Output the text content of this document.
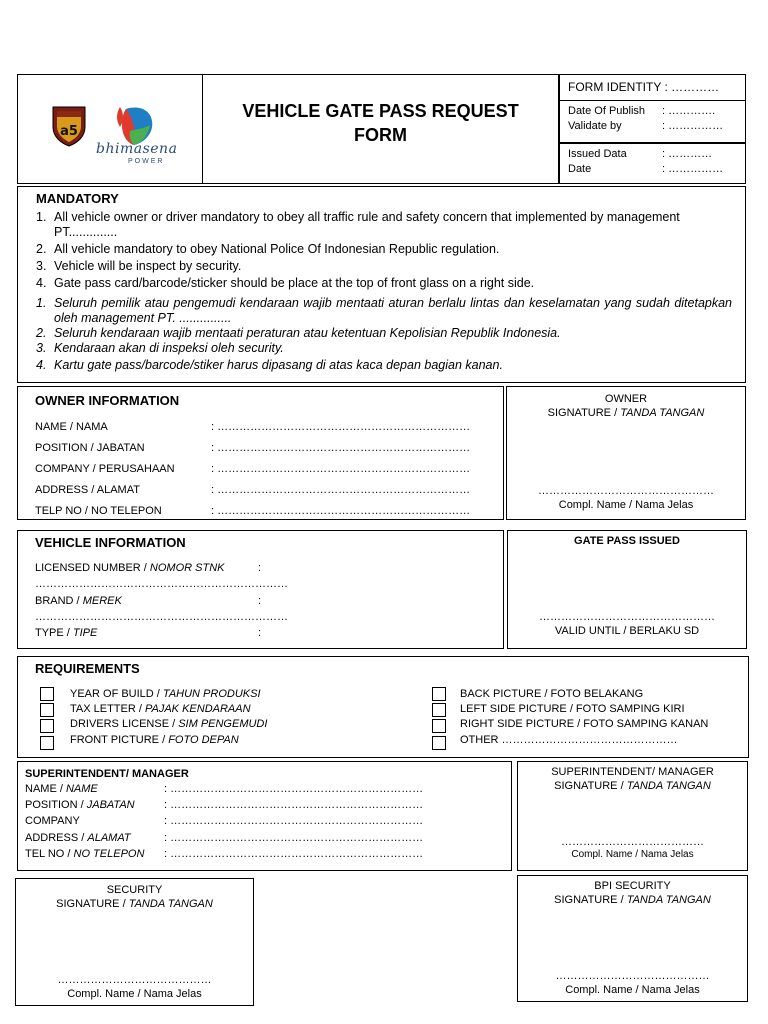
a5
bhimasena
POWER
VEHICLE GATE PASS REQUEST
FORM
FORM IDENTITY : …………
Date Of Publish : ………….
Validate by	: ……………
Issued Data	: …………
Date	: ……………
MANDATORY
1. All vehicle owner or driver mandatory to obey all traffic rule and safety concern that implemented by management PT..............
2. All vehicle mandatory to obey National Police Of Indonesian Republic regulation.
3. Vehicle will be inspect by security.
4. Gate pass card/barcode/sticker should be place at the top of front glass on a right side.
1. Seluruh pemilik atau pengemudi kendaraan wajib mentaati aturan berlalu lintas dan keselamatan yang sudah ditetapkan oleh management PT. ...............
2. Seluruh kendaraan wajib mentaati peraturan atau ketentuan Kepolisian Republik Indonesia.
3. Kendaraan akan di inspeksi oleh security.
4. Kartu gate pass/barcode/stiker harus dipasang di atas kaca depan bagian kanan.
OWNER INFORMATION
NAME / NAMA	: ……………………………………………………………
POSITION / JABATAN	: ……………………………………………………………
COMPANY / PERUSAHAAN	: ……………………………………………………………
ADDRESS / ALAMAT	: ……………………………………………………………
TELP NO / NO TELEPON	: ……………………………………………………………
OWNER
SIGNATURE / TANDA TANGAN
…………………………………………
Compl. Name / Nama Jelas
VEHICLE INFORMATION
LICENSED NUMBER / NOMOR STNK	:
……………………………………………………………
BRAND / MEREK	:
……………………………………………………………
TYPE / TIPE	:
GATE PASS ISSUED
…………………………………………
VALID UNTIL / BERLAKU SD
REQUIREMENTS
YEAR OF BUILD / TAHUN PRODUKSI
TAX LETTER / PAJAK KENDARAAN
DRIVERS LICENSE / SIM PENGEMUDI
FRONT PICTURE / FOTO DEPAN
BACK PICTURE / FOTO BELAKANG
LEFT SIDE PICTURE / FOTO SAMPING KIRI
RIGHT SIDE PICTURE / FOTO SAMPING KANAN
OTHER …………………………………………
SUPERINTENDENT/ MANAGER
NAME / NAME	: ……………………………………………………………
POSITION / JABATAN	: ……………………………………………………………
COMPANY	: ……………………………………………………………
ADDRESS / ALAMAT	: ……………………………………………………………
TEL NO / NO TELEPON : ……………………………………………………………
SUPERINTENDENT/ MANAGER
SIGNATURE / TANDA TANGAN
…………………………………
Compl. Name / Nama Jelas
SECURITY
SIGNATURE / TANDA TANGAN
……………………………………
Compl. Name / Nama Jelas
BPI SECURITY
SIGNATURE / TANDA TANGAN
……………………………………
Compl. Name / Nama Jelas
